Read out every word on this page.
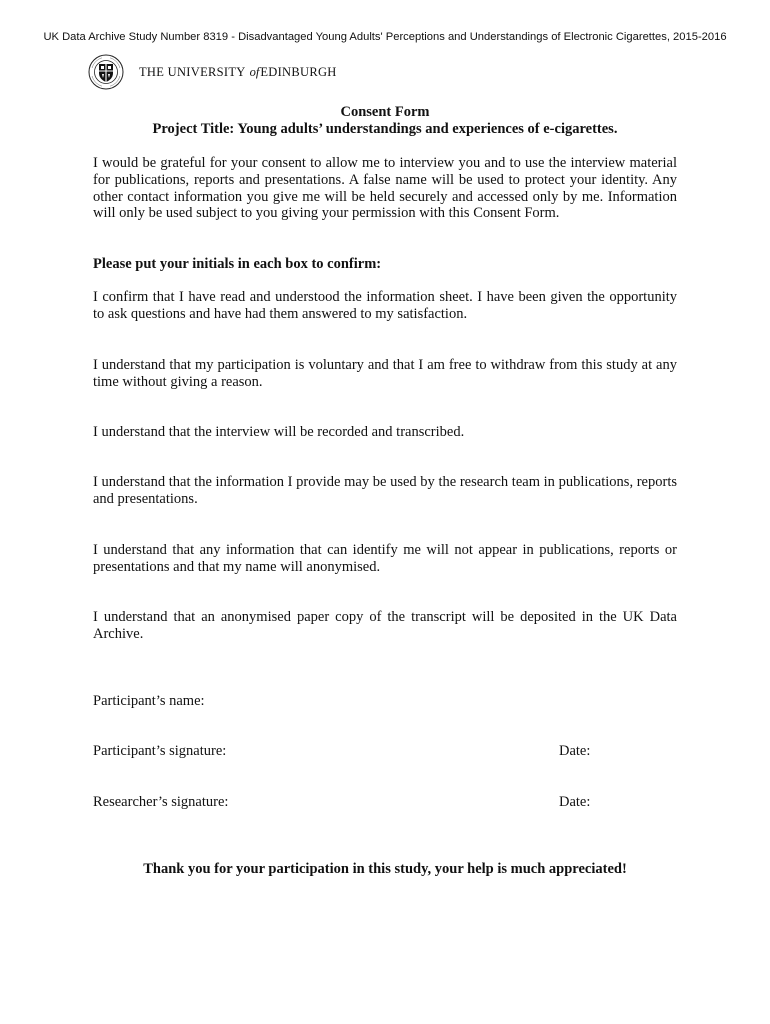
UK Data Archive Study Number 8319 - Disadvantaged Young Adults' Perceptions and Understandings of Electronic Cigarettes, 2015-2016
THE UNIVERSITY ofEDINBURGH
Consent Form
Project Title: Young adults’ understandings and experiences of e-cigarettes.

I would be grateful for your consent to allow me to interview you and to use the interview material for publications, reports and presentations. A false name will be used to protect your identity. Any other contact information you give me will be held securely and accessed only by me. Information will only be used subject to you giving your permission with this Consent Form.

Please put your initials in each box to confirm:

I confirm that I have read and understood the information sheet. I have been given the opportunity to ask questions and have had them answered to my satisfaction.

I understand that my participation is voluntary and that I am free to withdraw from this study at any time without giving a reason.

I understand that the interview will be recorded and transcribed.

I understand that the information I provide may be used by the research team in publications, reports and presentations.

I understand that any information that can identify me will not appear in publications, reports or presentations and that my name will anonymised.

I understand that an anonymised paper copy of the transcript will be deposited in the UK Data Archive.

Participant’s name:
Participant’s signature:	Date:
Researcher’s signature:	Date:
Thank you for your participation in this study, your help is much appreciated!
